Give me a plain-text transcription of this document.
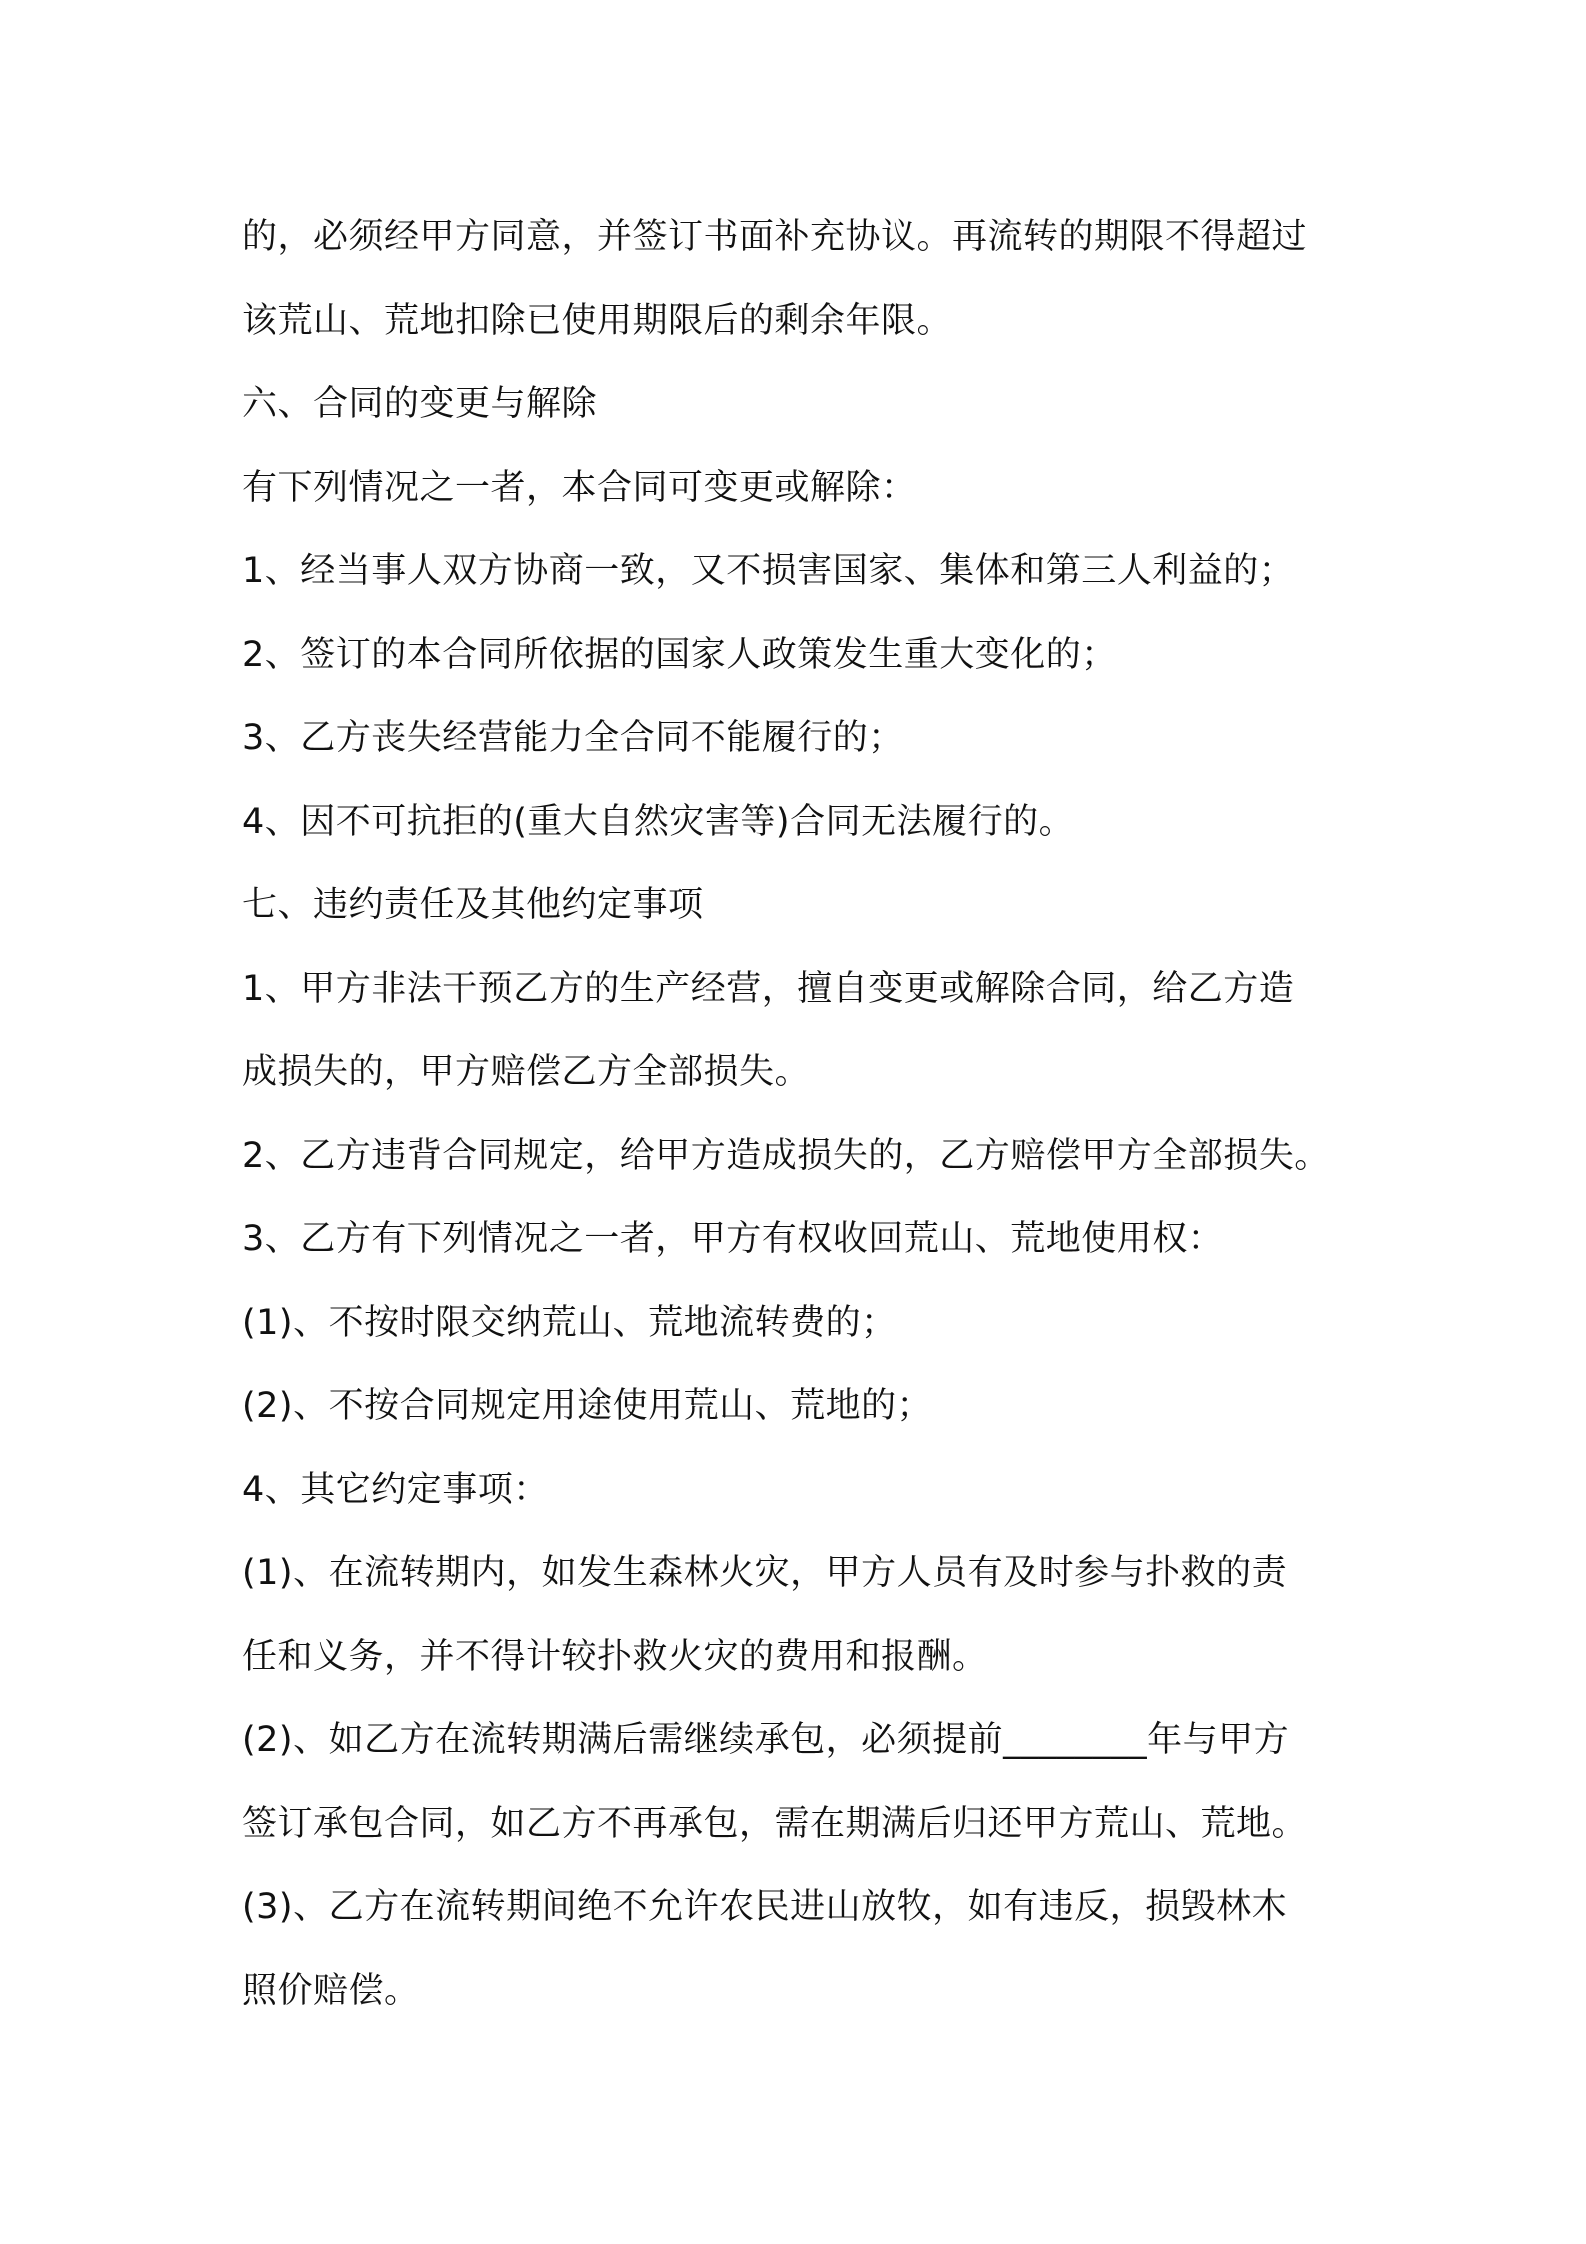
的，必须经甲方同意，并签订书面补充协议。再流转的期限不得超过
该荒山、荒地扣除已使用期限后的剩余年限。
六、合同的变更与解除
有下列情况之一者，本合同可变更或解除：
1、经当事人双方协商一致，又不损害国家、集体和第三人利益的；
2、签订的本合同所依据的国家人政策发生重大变化的；
3、乙方丧失经营能力全合同不能履行的；
4、因不可抗拒的(重大自然灾害等)合同无法履行的。
七、违约责任及其他约定事项
1、甲方非法干预乙方的生产经营，擅自变更或解除合同，给乙方造
成损失的，甲方赔偿乙方全部损失。
2、乙方违背合同规定，给甲方造成损失的，乙方赔偿甲方全部损失。
3、乙方有下列情况之一者，甲方有权收回荒山、荒地使用权：
(1)、不按时限交纳荒山、荒地流转费的；
(2)、不按合同规定用途使用荒山、荒地的；
4、其它约定事项：
(1)、在流转期内，如发生森林火灾，甲方人员有及时参与扑救的责
任和义务，并不得计较扑救火灾的费用和报酬。
(2)、如乙方在流转期满后需继续承包，必须提前________年与甲方
签订承包合同，如乙方不再承包，需在期满后归还甲方荒山、荒地。
(3)、乙方在流转期间绝不允许农民进山放牧，如有违反，损毁林木
照价赔偿。
